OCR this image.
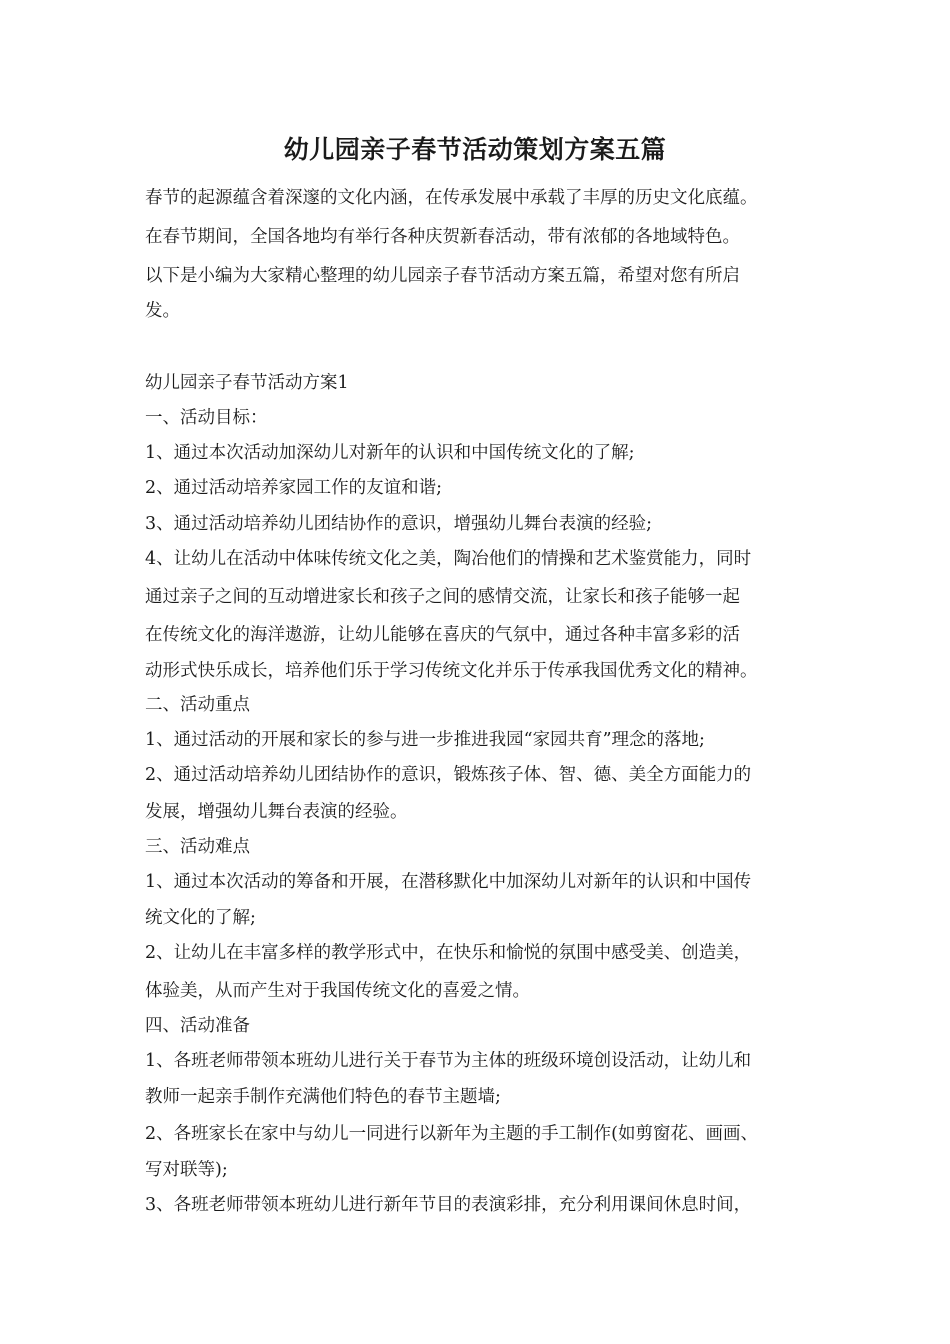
幼儿园亲子春节活动策划方案五篇
春节的起源蕴含着深邃的文化内涵，在传承发展中承载了丰厚的历史文化底蕴。
在春节期间，全国各地均有举行各种庆贺新春活动，带有浓郁的各地域特色。
以下是小编为大家精心整理的幼儿园亲子春节活动方案五篇，希望对您有所启
发。
幼儿园亲子春节活动方案1
一、活动目标：
1、通过本次活动加深幼儿对新年的认识和中国传统文化的了解;
2、通过活动培养家园工作的友谊和谐;
3、通过活动培养幼儿团结协作的意识，增强幼儿舞台表演的经验;
4、让幼儿在活动中体味传统文化之美，陶冶他们的情操和艺术鉴赏能力，同时
通过亲子之间的互动增进家长和孩子之间的感情交流，让家长和孩子能够一起
在传统文化的海洋遨游，让幼儿能够在喜庆的气氛中，通过各种丰富多彩的活
动形式快乐成长，培养他们乐于学习传统文化并乐于传承我国优秀文化的精神。
二、活动重点
1、通过活动的开展和家长的参与进一步推进我园“家园共育”理念的落地;
2、通过活动培养幼儿团结协作的意识，锻炼孩子体、智、德、美全方面能力的
发展，增强幼儿舞台表演的经验。
三、活动难点
1、通过本次活动的筹备和开展，在潜移默化中加深幼儿对新年的认识和中国传
统文化的了解;
2、让幼儿在丰富多样的教学形式中，在快乐和愉悦的氛围中感受美、创造美，
体验美，从而产生对于我国传统文化的喜爱之情。
四、活动准备
1、各班老师带领本班幼儿进行关于春节为主体的班级环境创设活动，让幼儿和
教师一起亲手制作充满他们特色的春节主题墙;
2、各班家长在家中与幼儿一同进行以新年为主题的手工制作(如剪窗花、画画、
写对联等);
3、各班老师带领本班幼儿进行新年节目的表演彩排，充分利用课间休息时间，
